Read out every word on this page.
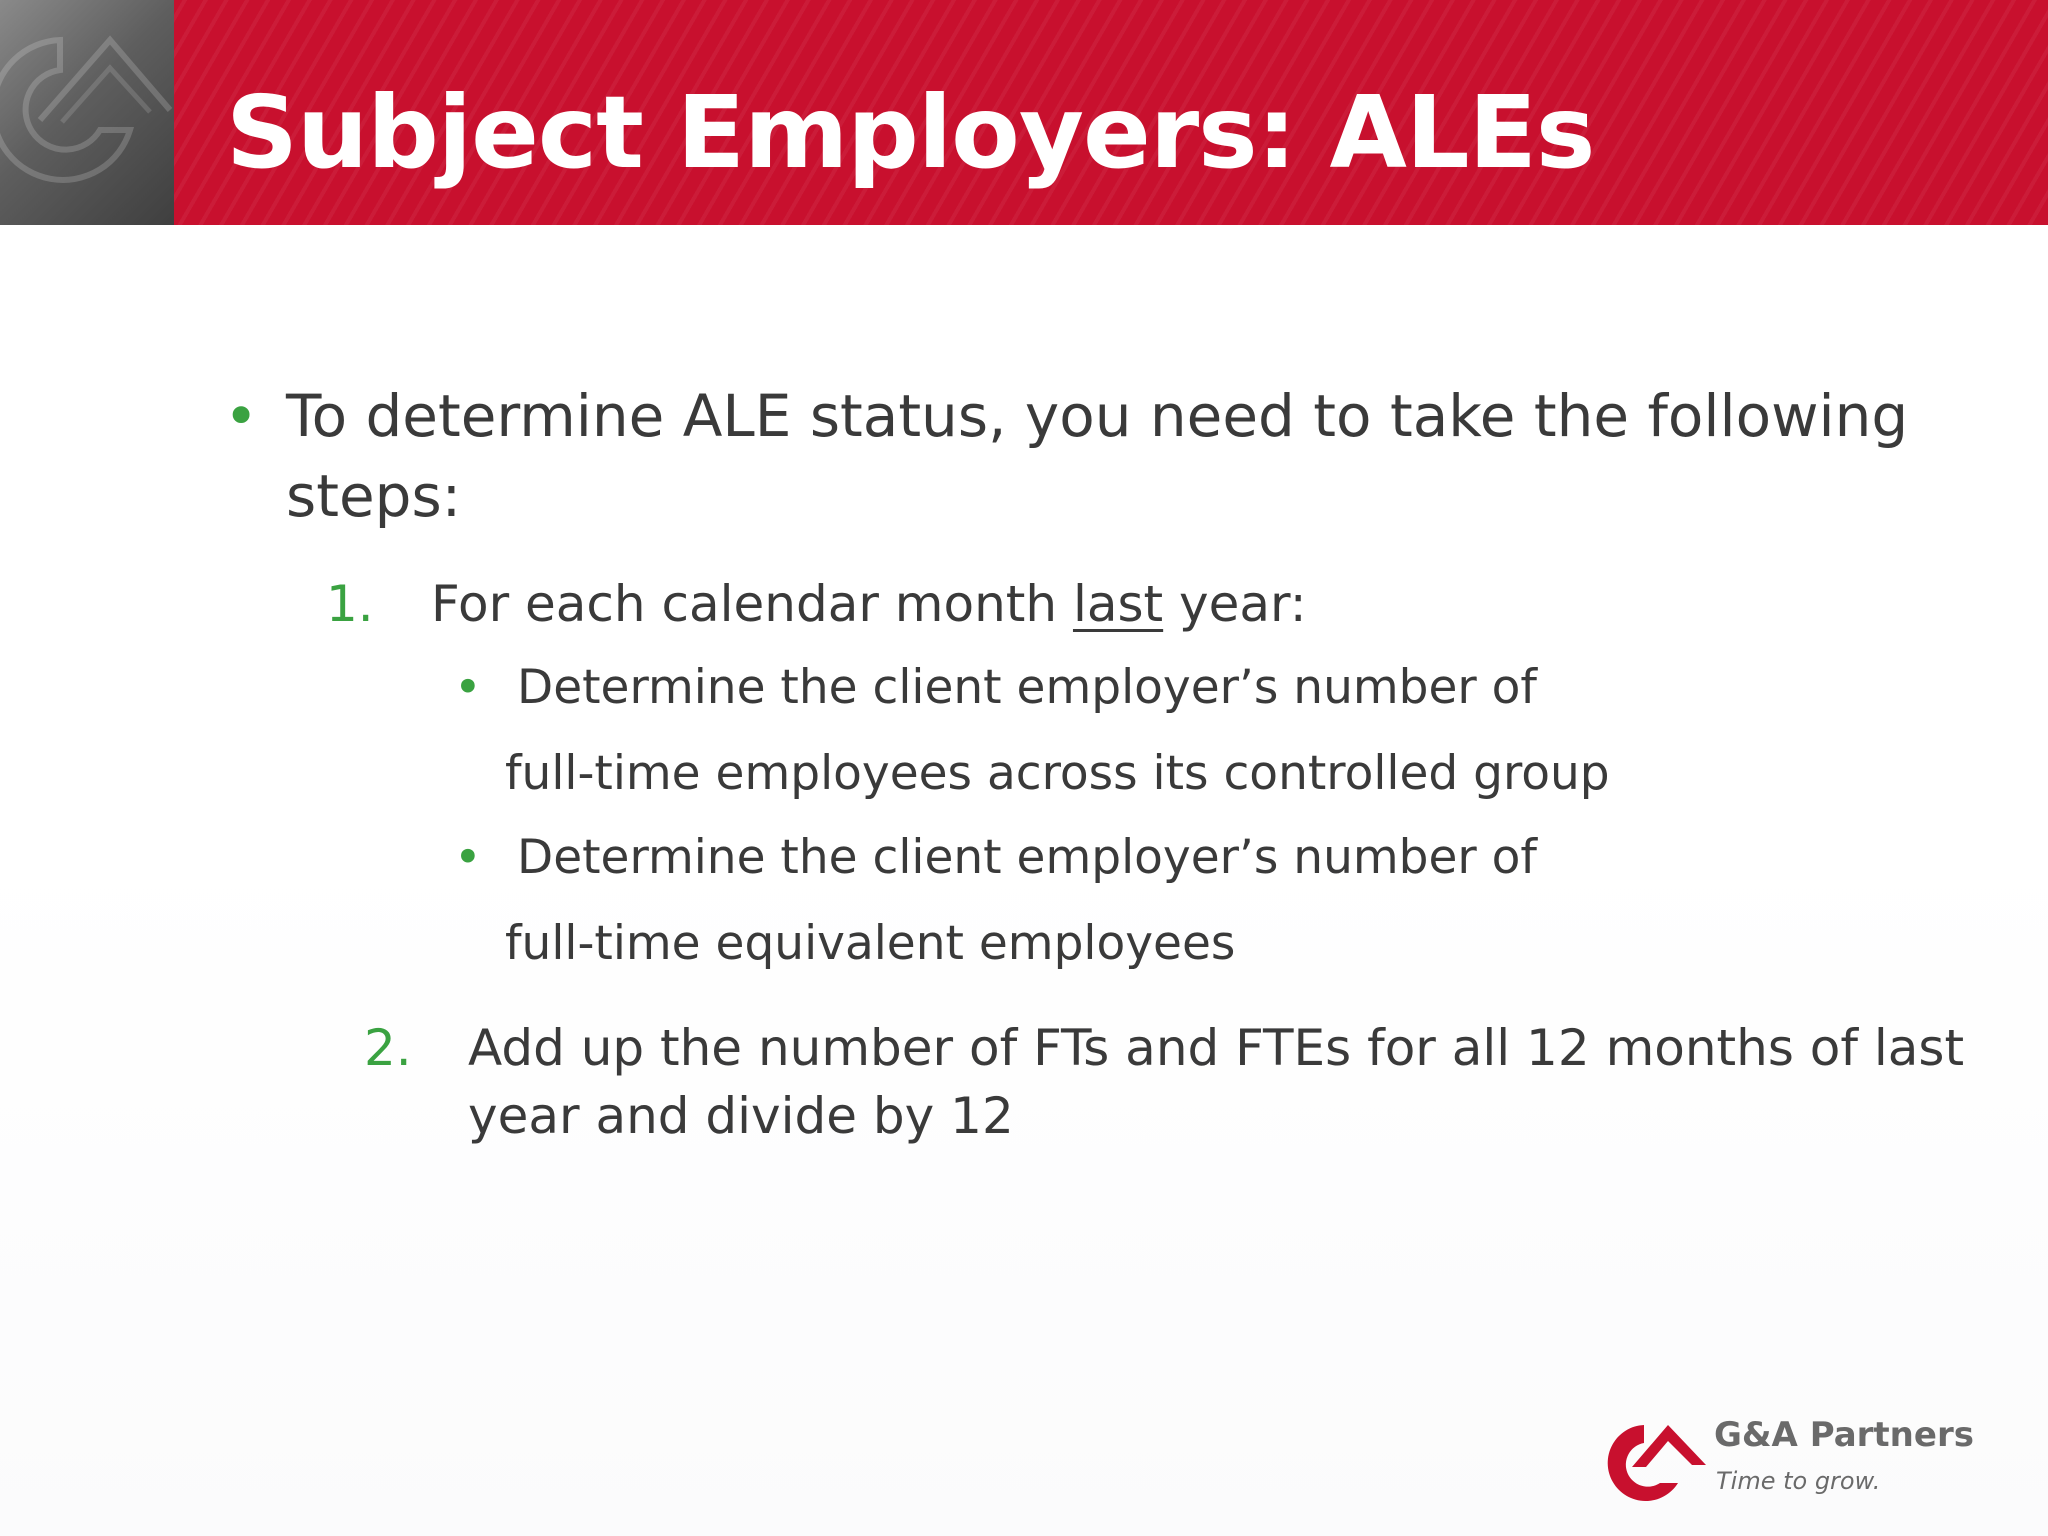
Subject Employers: ALEs
• To determine ALE status, you need to take the following
steps:
1. For each calendar month last year:
• Determine the client employer’s number of
full-time employees across its controlled group
• Determine the client employer’s number of
full-time equivalent employees
2. Add up the number of FTs and FTEs for all 12 months of last
year and divide by 12
G&A Partners
Time to grow.
